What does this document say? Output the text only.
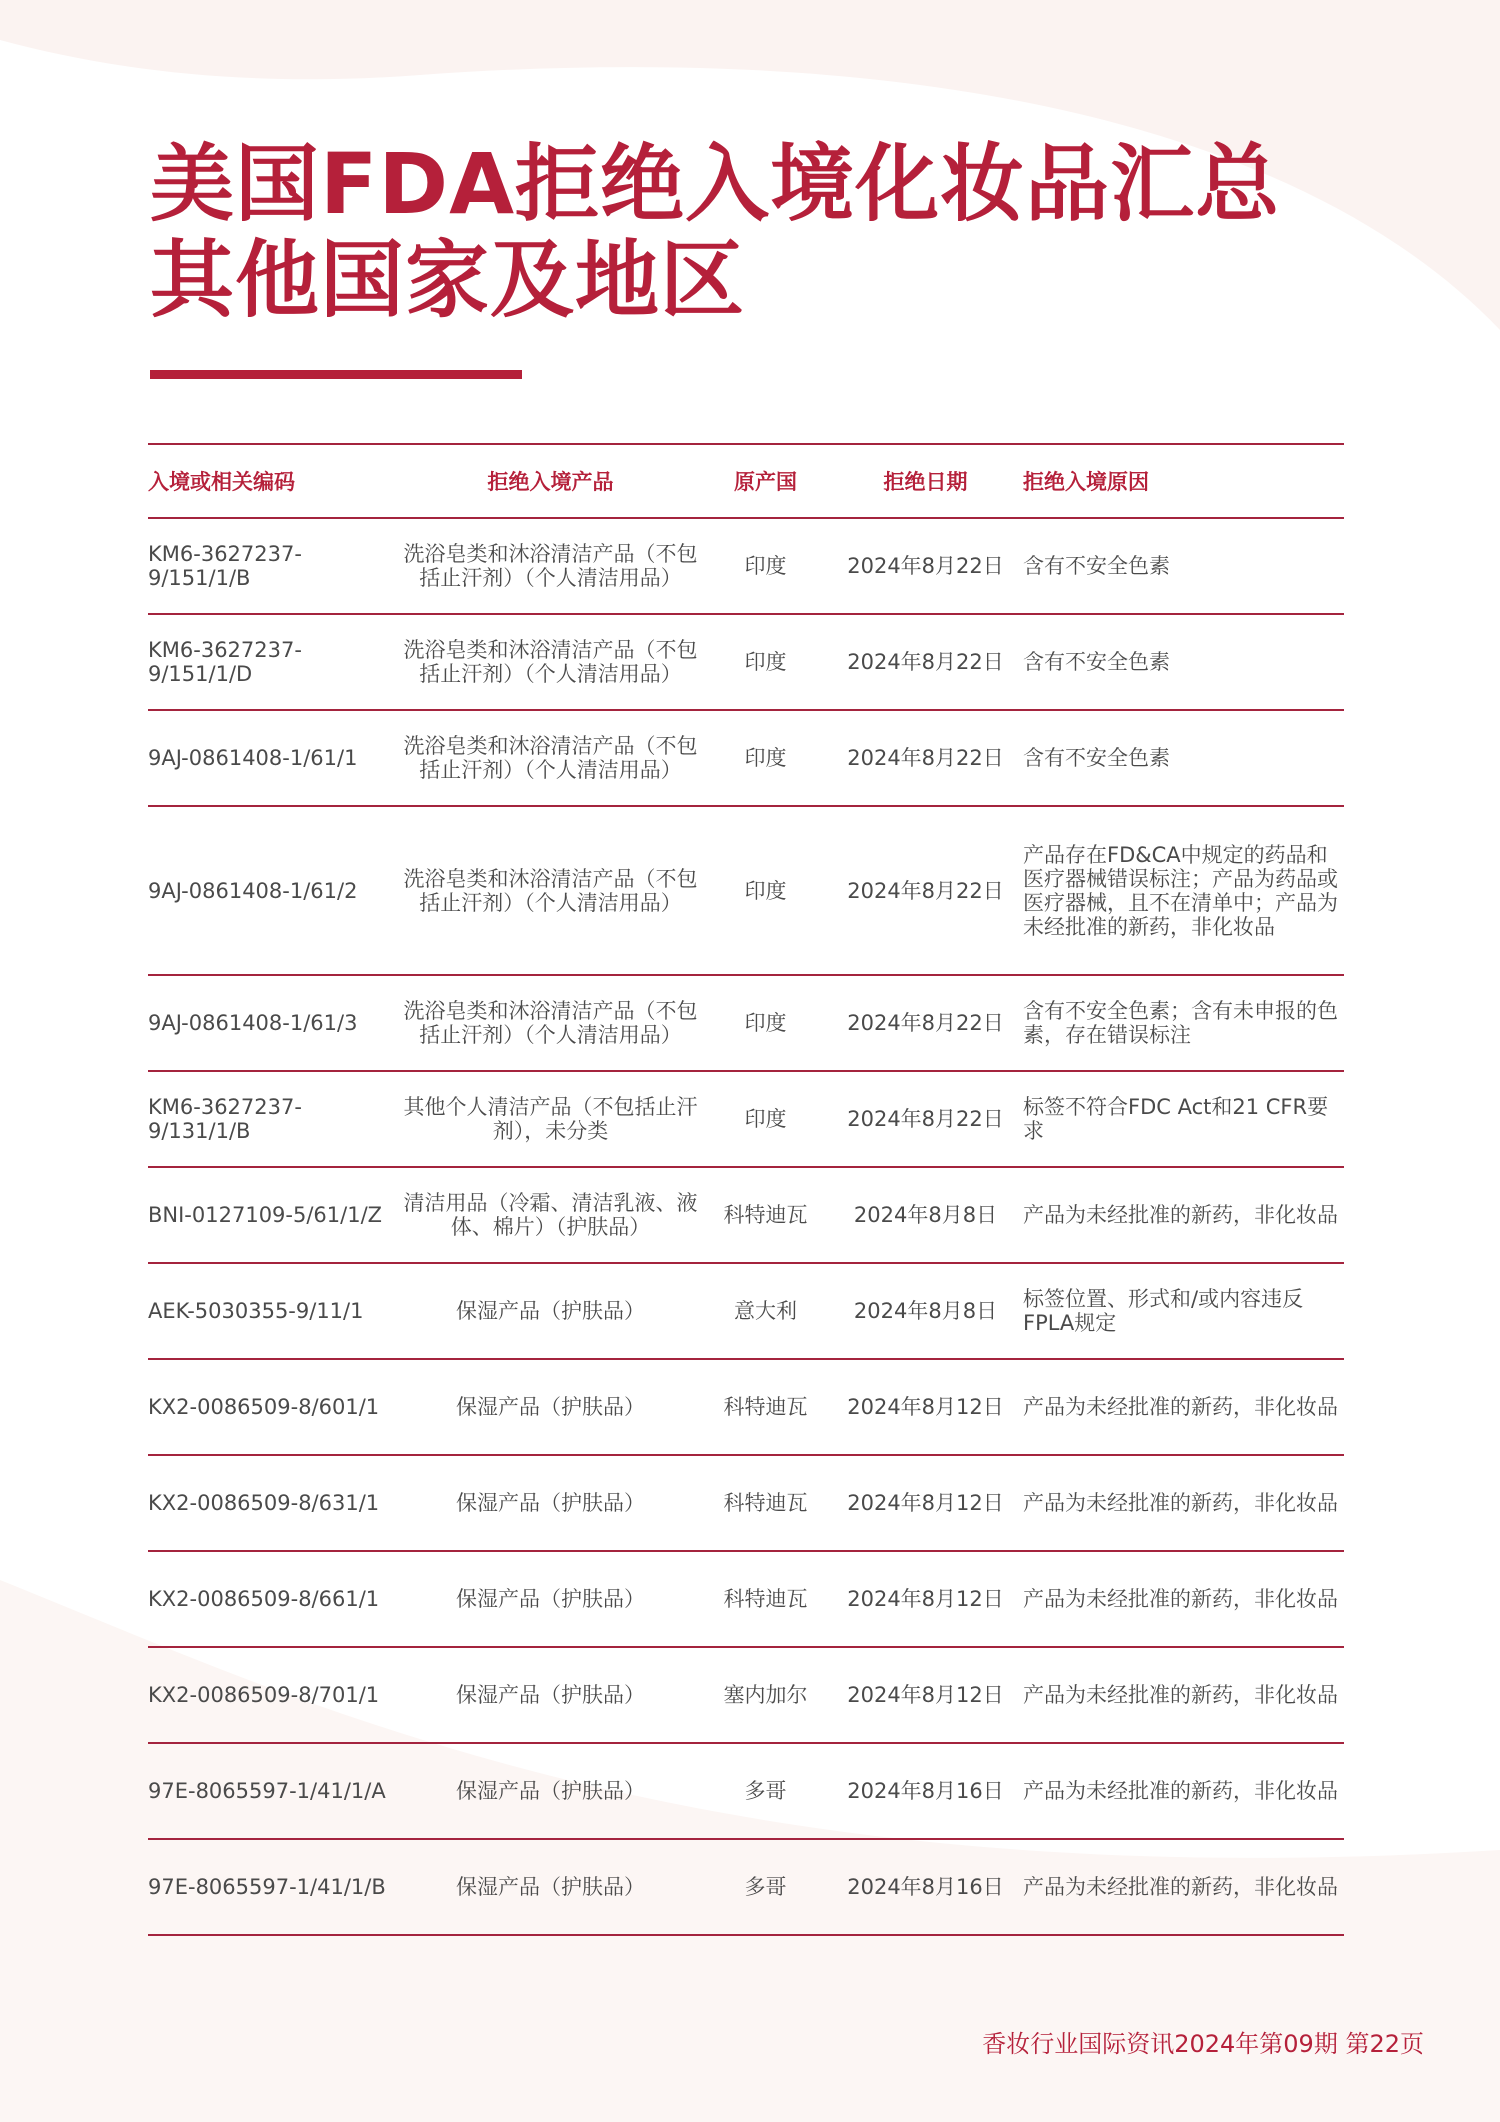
美国FDA拒绝入境化妆品汇总
其他国家及地区
入境或相关编码	拒绝入境产品	原产国	拒绝日期	拒绝入境原因
KM6-3627237-9/151/1/B	洗浴皂类和沐浴清洁产品（不包括止汗剂）（个人清洁用品）	印度	2024年8月22日	含有不安全色素
KM6-3627237-9/151/1/D	洗浴皂类和沐浴清洁产品（不包括止汗剂）（个人清洁用品）	印度	2024年8月22日	含有不安全色素
9AJ-0861408-1/61/1	洗浴皂类和沐浴清洁产品（不包括止汗剂）（个人清洁用品）	印度	2024年8月22日	含有不安全色素
9AJ-0861408-1/61/2	洗浴皂类和沐浴清洁产品（不包括止汗剂）（个人清洁用品）	印度	2024年8月22日	产品存在FD&CA中规定的药品和医疗器械错误标注；产品为药品或医疗器械，且不在清单中；产品为未经批准的新药，非化妆品
9AJ-0861408-1/61/3	洗浴皂类和沐浴清洁产品（不包括止汗剂）（个人清洁用品）	印度	2024年8月22日	含有不安全色素；含有未申报的色素，存在错误标注
KM6-3627237-9/131/1/B	其他个人清洁产品（不包括止汗剂），未分类	印度	2024年8月22日	标签不符合FDC Act和21 CFR要求
BNI-0127109-5/61/1/Z	清洁用品（冷霜、清洁乳液、液体、棉片）（护肤品）	科特迪瓦	2024年8月8日	产品为未经批准的新药，非化妆品
AEK-5030355-9/11/1	保湿产品（护肤品）	意大利	2024年8月8日	标签位置、形式和/或内容违反FPLA规定
KX2-0086509-8/601/1	保湿产品（护肤品）	科特迪瓦	2024年8月12日	产品为未经批准的新药，非化妆品
KX2-0086509-8/631/1	保湿产品（护肤品）	科特迪瓦	2024年8月12日	产品为未经批准的新药，非化妆品
KX2-0086509-8/661/1	保湿产品（护肤品）	科特迪瓦	2024年8月12日	产品为未经批准的新药，非化妆品
KX2-0086509-8/701/1	保湿产品（护肤品）	塞内加尔	2024年8月12日	产品为未经批准的新药，非化妆品
97E-8065597-1/41/1/A	保湿产品（护肤品）	多哥	2024年8月16日	产品为未经批准的新药，非化妆品
97E-8065597-1/41/1/B	保湿产品（护肤品）	多哥	2024年8月16日	产品为未经批准的新药，非化妆品
香妆行业国际资讯2024年第09期 第22页
